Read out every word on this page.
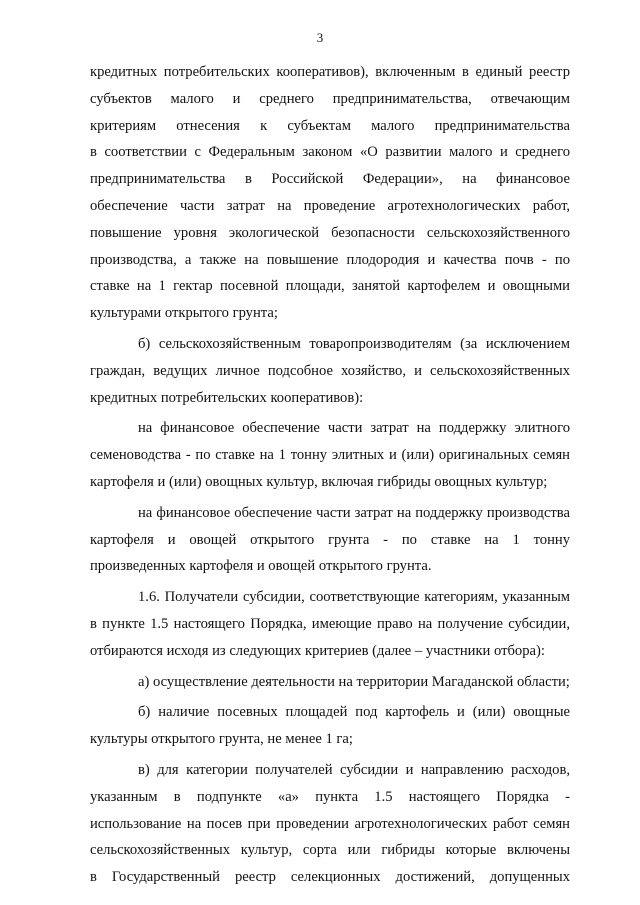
3

кредитных потребительских кооперативов), включенным в единый реестр

субъектов малого и среднего предпринимательства, отвечающим

критериям отнесения к субъектам малого предпринимательства

в соответствии с Федеральным законом «О развитии малого и среднего

предпринимательства в Российской Федерации», на финансовое

обеспечение части затрат на проведение агротехнологических работ,

повышение уровня экологической безопасности сельскохозяйственного

производства, а также на повышение плодородия и качества почв - по

ставке на 1 гектар посевной площади, занятой картофелем и овощными

культурами открытого грунта;

б) сельскохозяйственным товаропроизводителям (за исключением

граждан, ведущих личное подсобное хозяйство, и сельскохозяйственных

кредитных потребительских кооперативов):

на финансовое обеспечение части затрат на поддержку элитного

семеноводства - по ставке на 1 тонну элитных и (или) оригинальных семян

картофеля и (или) овощных культур, включая гибриды овощных культур;

на финансовое обеспечение части затрат на поддержку производства

картофеля и овощей открытого грунта - по ставке на 1 тонну

произведенных картофеля и овощей открытого грунта.

1.6. Получатели субсидии, соответствующие категориям, указанным

в пункте 1.5 настоящего Порядка, имеющие право на получение субсидии,

отбираются исходя из следующих критериев (далее – участники отбора):

а) осуществление деятельности на территории Магаданской области;

б) наличие посевных площадей под картофель и (или) овощные

культуры открытого грунта, не менее 1 га;

в) для категории получателей субсидии и направлению расходов,

указанным в подпункте «а» пункта 1.5 настоящего Порядка -

использование на посев при проведении агротехнологических работ семян

сельскохозяйственных культур, сорта или гибриды которые включены

в Государственный реестр селекционных достижений, допущенных
